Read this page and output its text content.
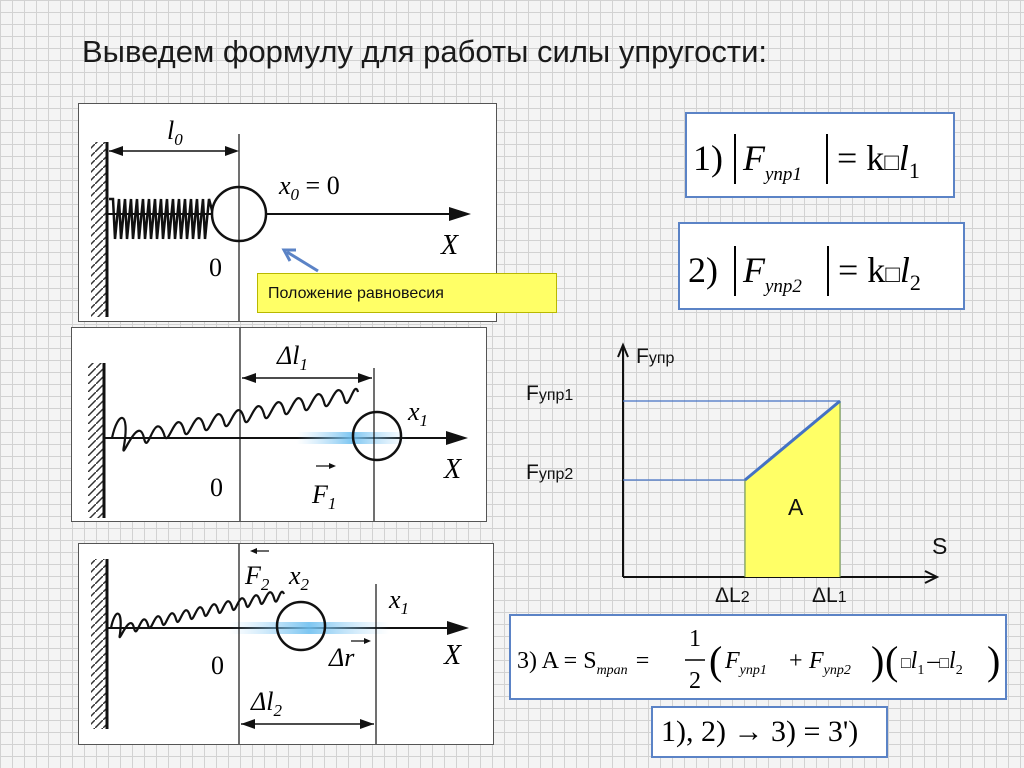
Выведем формулу для работы силы упругости:
$l_0$
$x_0 = 0$
X
0
Положение равновесия
$\Delta l_1$
$x_1$
X
0	$F_1$
$F_2$ $x_2$
$x_1$
X
0	Δr
$\Delta l_2$
1) $F_{упр1}$ = $k□l_1$
2) $F_{упр2}$ = $k□l_2$
Fупр
Fупр1
Fупр2
A
S
ΔL2	ΔL1
3) $A = S_{трап}$ =
1
2 ( $F_{упр1} + F_{упр2}$ ) ( $□l_1$ $-□l_2$ )
1), 2) → 3) = 3')
